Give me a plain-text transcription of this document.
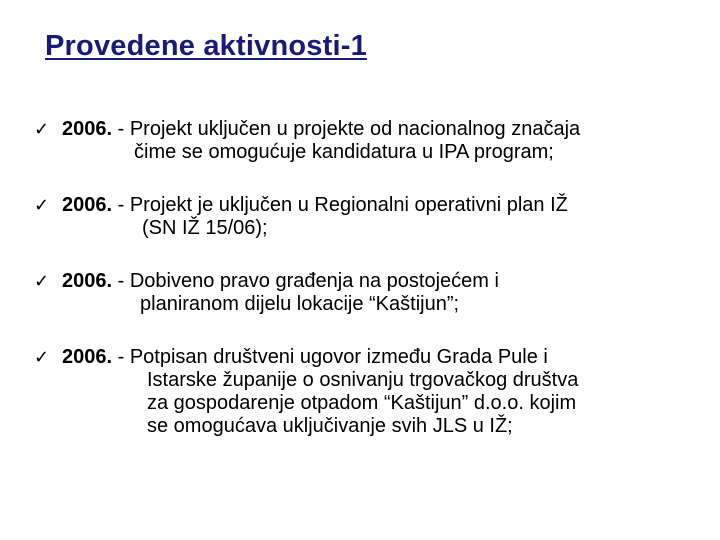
Provedene aktivnosti-1
✓ 2006. - Projekt uključen u projekte od nacionalnog značaja
čime se omogućuje kandidatura u IPA program;
✓ 2006. - Projekt je uključen u Regionalni operativni plan IŽ
(SN IŽ 15/06);
✓ 2006. - Dobiveno pravo građenja na postojećem i
planiranom dijelu lokacije “Kaštijun”;
✓ 2006. - Potpisan društveni ugovor između Grada Pule i
Istarske županije o osnivanju trgovačkog društva
za gospodarenje otpadom “Kaštijun” d.o.o. kojim
se omogućava uključivanje svih JLS u IŽ;
